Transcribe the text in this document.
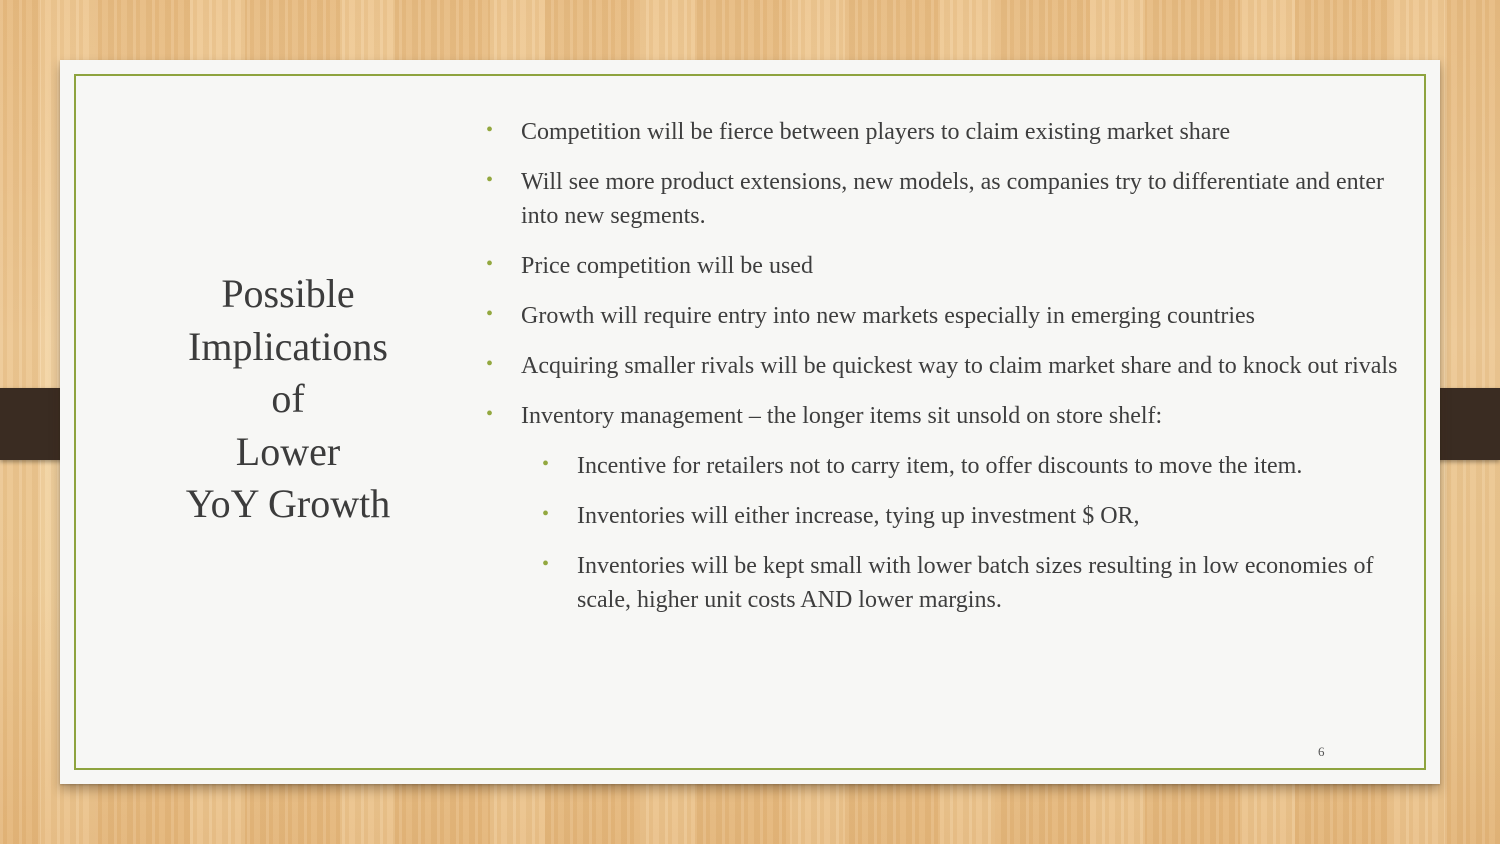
Possible
Implications
of
Lower
YoY Growth

• Competition will be fierce between players to claim existing market share

• Will see more product extensions, new models, as companies try to differentiate and enter into new segments.

• Price competition will be used

• Growth will require entry into new markets especially in emerging countries

• Acquiring smaller rivals will be quickest way to claim market share and to knock out rivals

• Inventory management – the longer items sit unsold on store shelf:

• Incentive for retailers not to carry item, to offer discounts to move the item.

• Inventories will either increase, tying up investment $ OR,

• Inventories will be kept small with lower batch sizes resulting in low economies of scale, higher unit costs AND lower margins.

6
